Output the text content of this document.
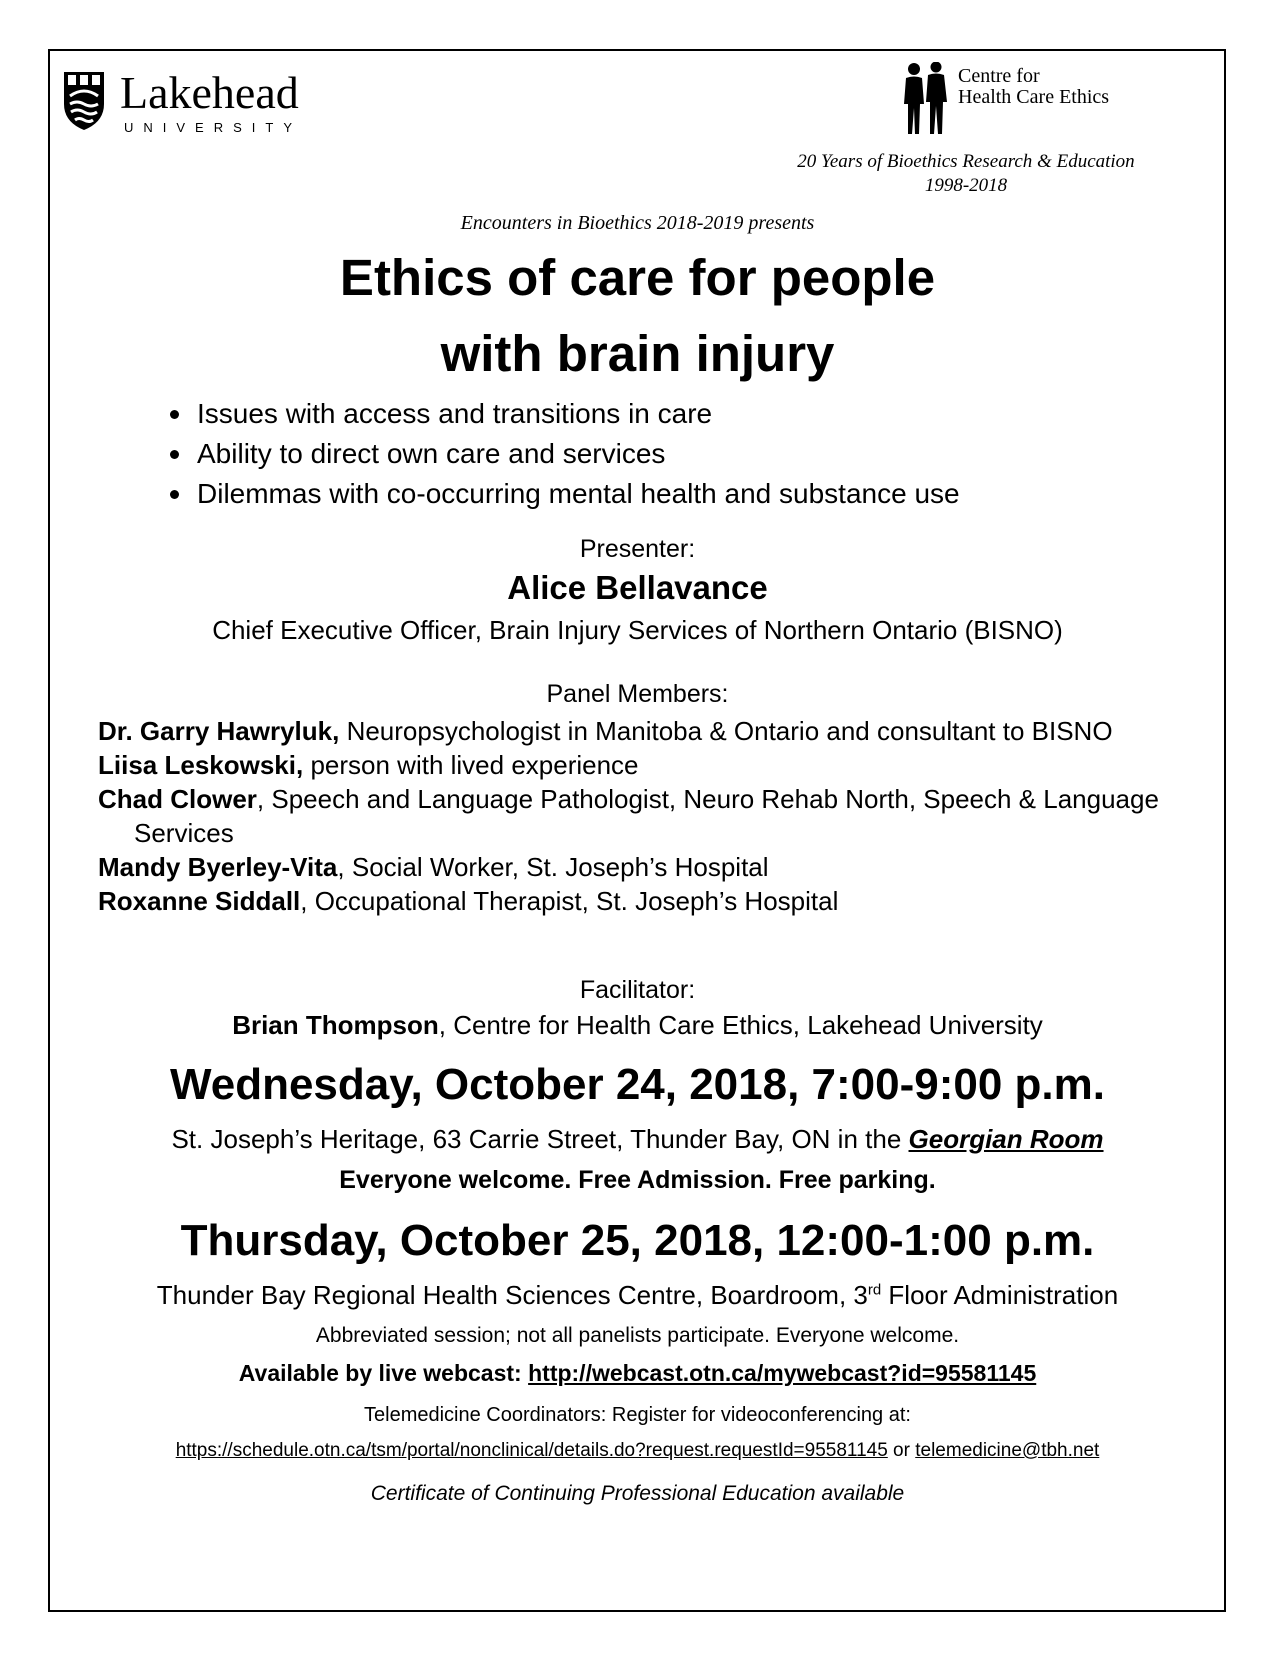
Lakehead
UNIVERSITY
Centre for
Health Care Ethics
20 Years of Bioethics Research & Education
1998-2018
Encounters in Bioethics 2018-2019 presents
Ethics of care for people
with brain injury
Issues with access and transitions in care
Ability to direct own care and services
Dilemmas with co-occurring mental health and substance use
Presenter:
Alice Bellavance
Chief Executive Officer, Brain Injury Services of Northern Ontario (BISNO)
Panel Members:
Dr. Garry Hawryluk, Neuropsychologist in Manitoba & Ontario and consultant to BISNO
Liisa Leskowski, person with lived experience
Chad Clower, Speech and Language Pathologist, Neuro Rehab North, Speech & Language Services
Mandy Byerley-Vita, Social Worker, St. Joseph’s Hospital
Roxanne Siddall, Occupational Therapist, St. Joseph’s Hospital
Facilitator:
Brian Thompson, Centre for Health Care Ethics, Lakehead University
Wednesday, October 24, 2018, 7:00-9:00 p.m.
St. Joseph’s Heritage, 63 Carrie Street, Thunder Bay, ON in the Georgian Room
Everyone welcome. Free Admission. Free parking.
Thursday, October 25, 2018, 12:00-1:00 p.m.
Thunder Bay Regional Health Sciences Centre, Boardroom, 3rd Floor Administration
Abbreviated session; not all panelists participate. Everyone welcome.
Available by live webcast: http://webcast.otn.ca/mywebcast?id=95581145
Telemedicine Coordinators: Register for videoconferencing at:
https://schedule.otn.ca/tsm/portal/nonclinical/details.do?request.requestId=95581145 or telemedicine@tbh.net
Certificate of Continuing Professional Education available
